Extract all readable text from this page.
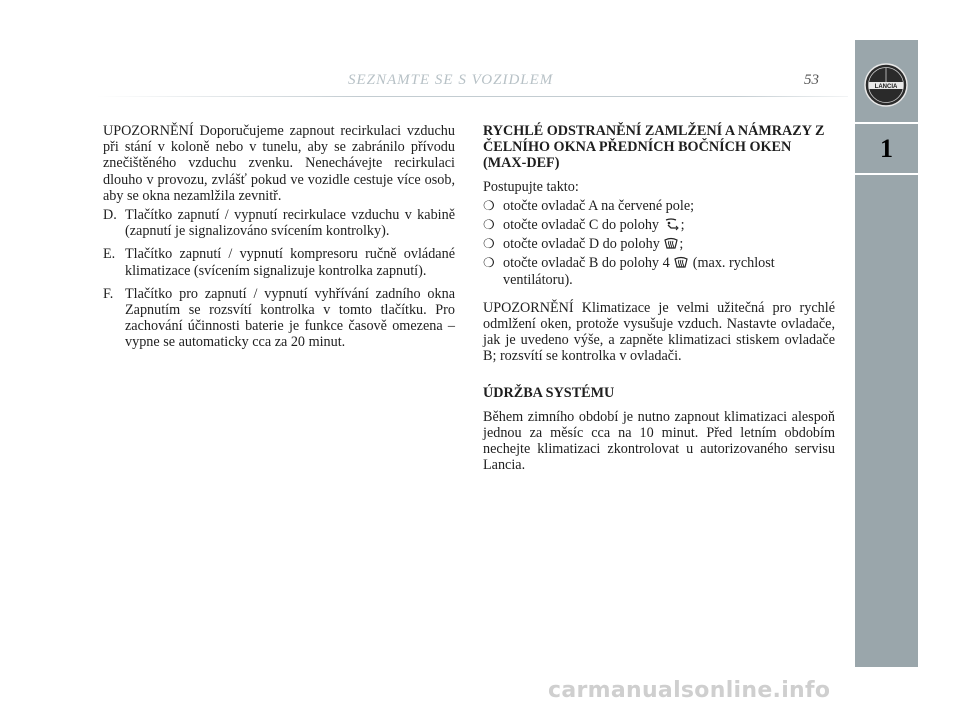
SEZNAMTE SE S VOZIDLEM	53	LANCIA
1

UPOZORNĚNÍ Doporučujeme zapnout recirkulaci vzduchu při stání v koloně nebo v tunelu, aby se zabránilo přívodu znečištěného vzduchu zvenku. Nenechávejte recirkulaci dlouho v provozu, zvlášť pokud ve vozidle cestuje více osob, aby se okna nezamlžila zevnitř.

D. Tlačítko zapnutí / vypnutí recirkulace vzduchu v kabině (zapnutí je signalizováno svícením kontrolky).
E. Tlačítko zapnutí / vypnutí kompresoru ručně ovládané klimatizace (svícením signalizuje kontrolka zapnutí).
F. Tlačítko pro zapnutí / vypnutí vyhřívání zadního okna Zapnutím se rozsvítí kontrolka v tomto tlačítku. Pro zachování účinnosti baterie je funkce časově omezena – vypne se automaticky cca za 20 minut.

RYCHLÉ ODSTRANĚNÍ ZAMLŽENÍ A NÁMRAZY Z ČELNÍHO OKNA PŘEDNÍCH BOČNÍCH OKEN (MAX-DEF)

Postupujte takto:

❍ otočte ovladač A na červené pole;
❍ otočte ovladač C do polohy ;
❍ otočte ovladač D do polohy ;
❍ otočte ovladač B do polohy 4 (max. rychlost ventilátoru).

UPOZORNĚNÍ Klimatizace je velmi užitečná pro rychlé odmlžení oken, protože vysušuje vzduch. Nastavte ovladače, jak je uvedeno výše, a zapněte klimatizaci stiskem ovladače B; rozsvítí se kontrolka v ovladači.

ÚDRŽBA SYSTÉMU

Během zimního období je nutno zapnout klimatizaci alespoň jednou za měsíc cca na 10 minut. Před letním obdobím nechejte klimatizaci zkontrolovat u autorizovaného servisu Lancia.

carmanualsonline.info
